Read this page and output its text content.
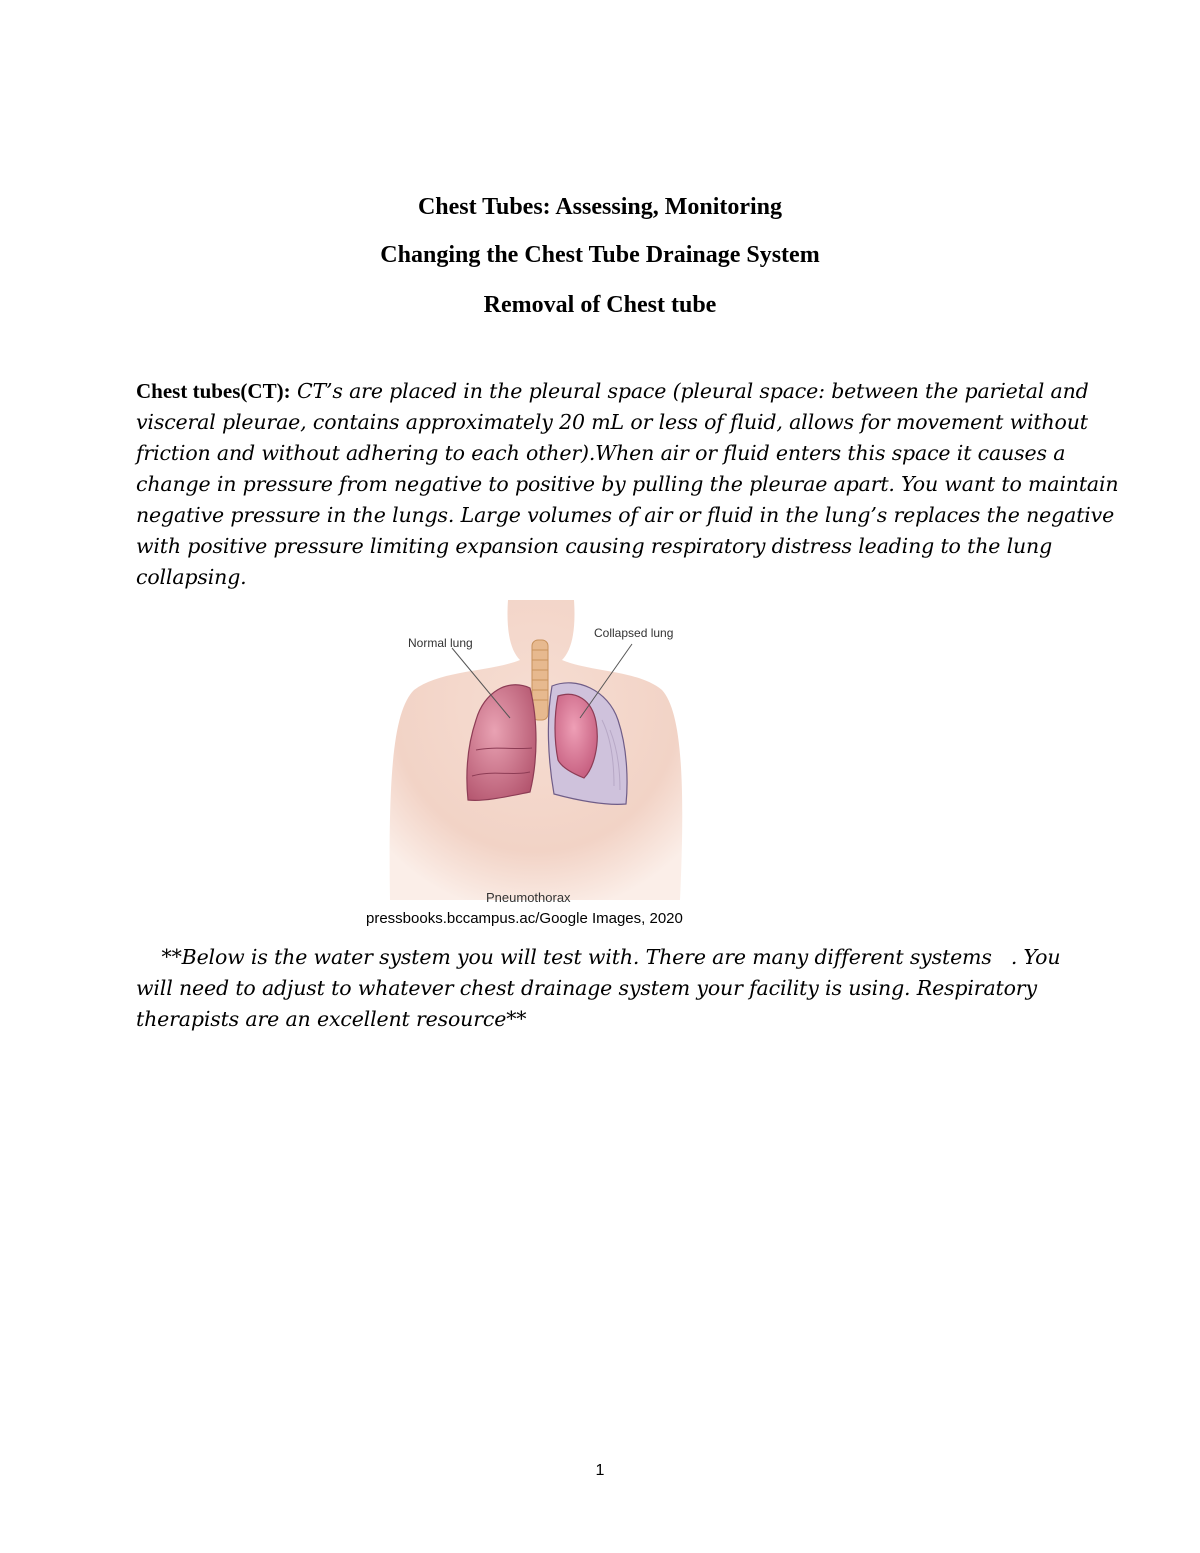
Chest Tubes: Assessing, Monitoring
Changing the Chest Tube Drainage System
Removal of Chest tube
Chest tubes(CT): CT’s are placed in the pleural space (pleural space: between the parietal and
visceral pleurae, contains approximately 20 mL or less of fluid, allows for movement without
friction and without adhering to each other).When air or fluid enters this space it causes a
change in pressure from negative to positive by pulling the pleurae apart. You want to maintain
negative pressure in the lungs. Large volumes of air or fluid in the lung’s replaces the negative
with positive pressure limiting expansion causing respiratory distress leading to the lung
collapsing.
Normal lung
Collapsed lung
Pneumothorax
pressbooks.bccampus.ac/Google Images, 2020
**Below is the water system you will test with. There are many different systems   . You
will need to adjust to whatever chest drainage system your facility is using. Respiratory
therapists are an excellent resource**
1
